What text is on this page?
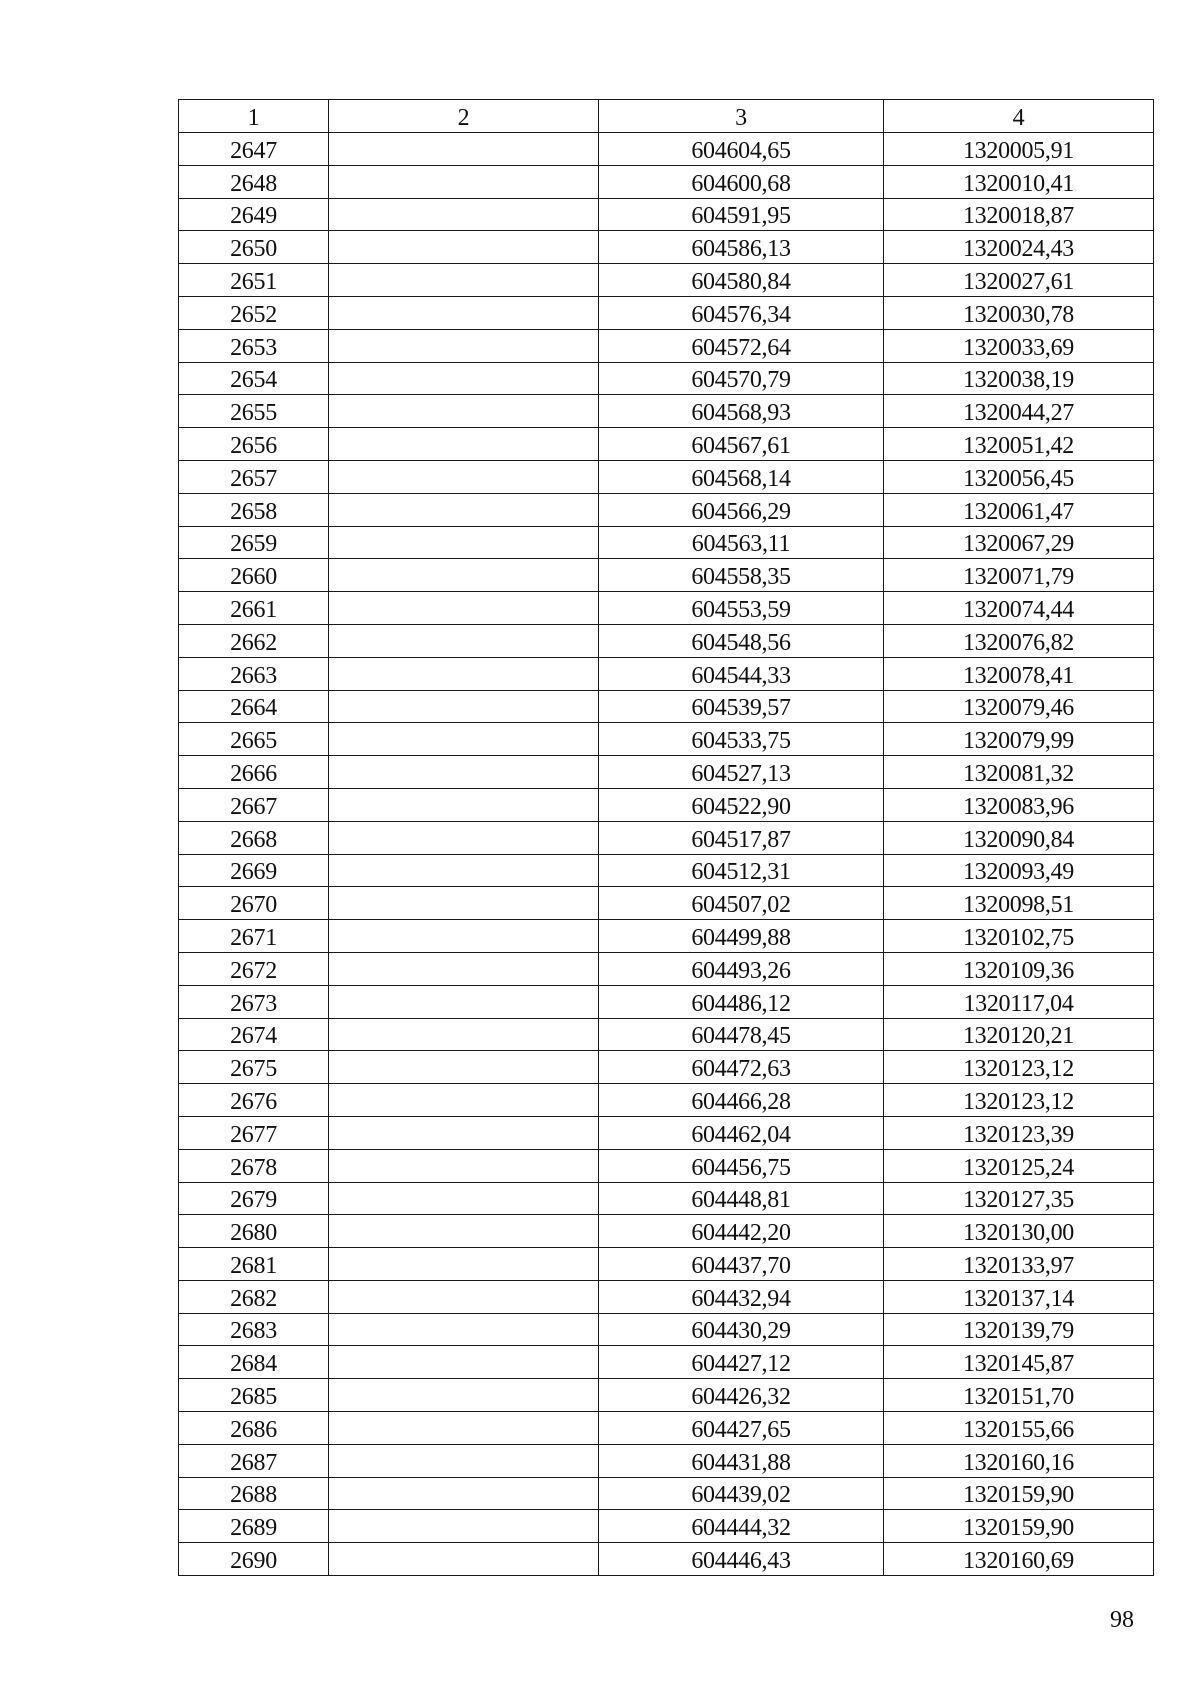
1	2	3	4
2647		604604,65	1320005,91
2648		604600,68	1320010,41
2649		604591,95	1320018,87
2650		604586,13	1320024,43
2651		604580,84	1320027,61
2652		604576,34	1320030,78
2653		604572,64	1320033,69
2654		604570,79	1320038,19
2655		604568,93	1320044,27
2656		604567,61	1320051,42
2657		604568,14	1320056,45
2658		604566,29	1320061,47
2659		604563,11	1320067,29
2660		604558,35	1320071,79
2661		604553,59	1320074,44
2662		604548,56	1320076,82
2663		604544,33	1320078,41
2664		604539,57	1320079,46
2665		604533,75	1320079,99
2666		604527,13	1320081,32
2667		604522,90	1320083,96
2668		604517,87	1320090,84
2669		604512,31	1320093,49
2670		604507,02	1320098,51
2671		604499,88	1320102,75
2672		604493,26	1320109,36
2673		604486,12	1320117,04
2674		604478,45	1320120,21
2675		604472,63	1320123,12
2676		604466,28	1320123,12
2677		604462,04	1320123,39
2678		604456,75	1320125,24
2679		604448,81	1320127,35
2680		604442,20	1320130,00
2681		604437,70	1320133,97
2682		604432,94	1320137,14
2683		604430,29	1320139,79
2684		604427,12	1320145,87
2685		604426,32	1320151,70
2686		604427,65	1320155,66
2687		604431,88	1320160,16
2688		604439,02	1320159,90
2689		604444,32	1320159,90
2690		604446,43	1320160,69
98
